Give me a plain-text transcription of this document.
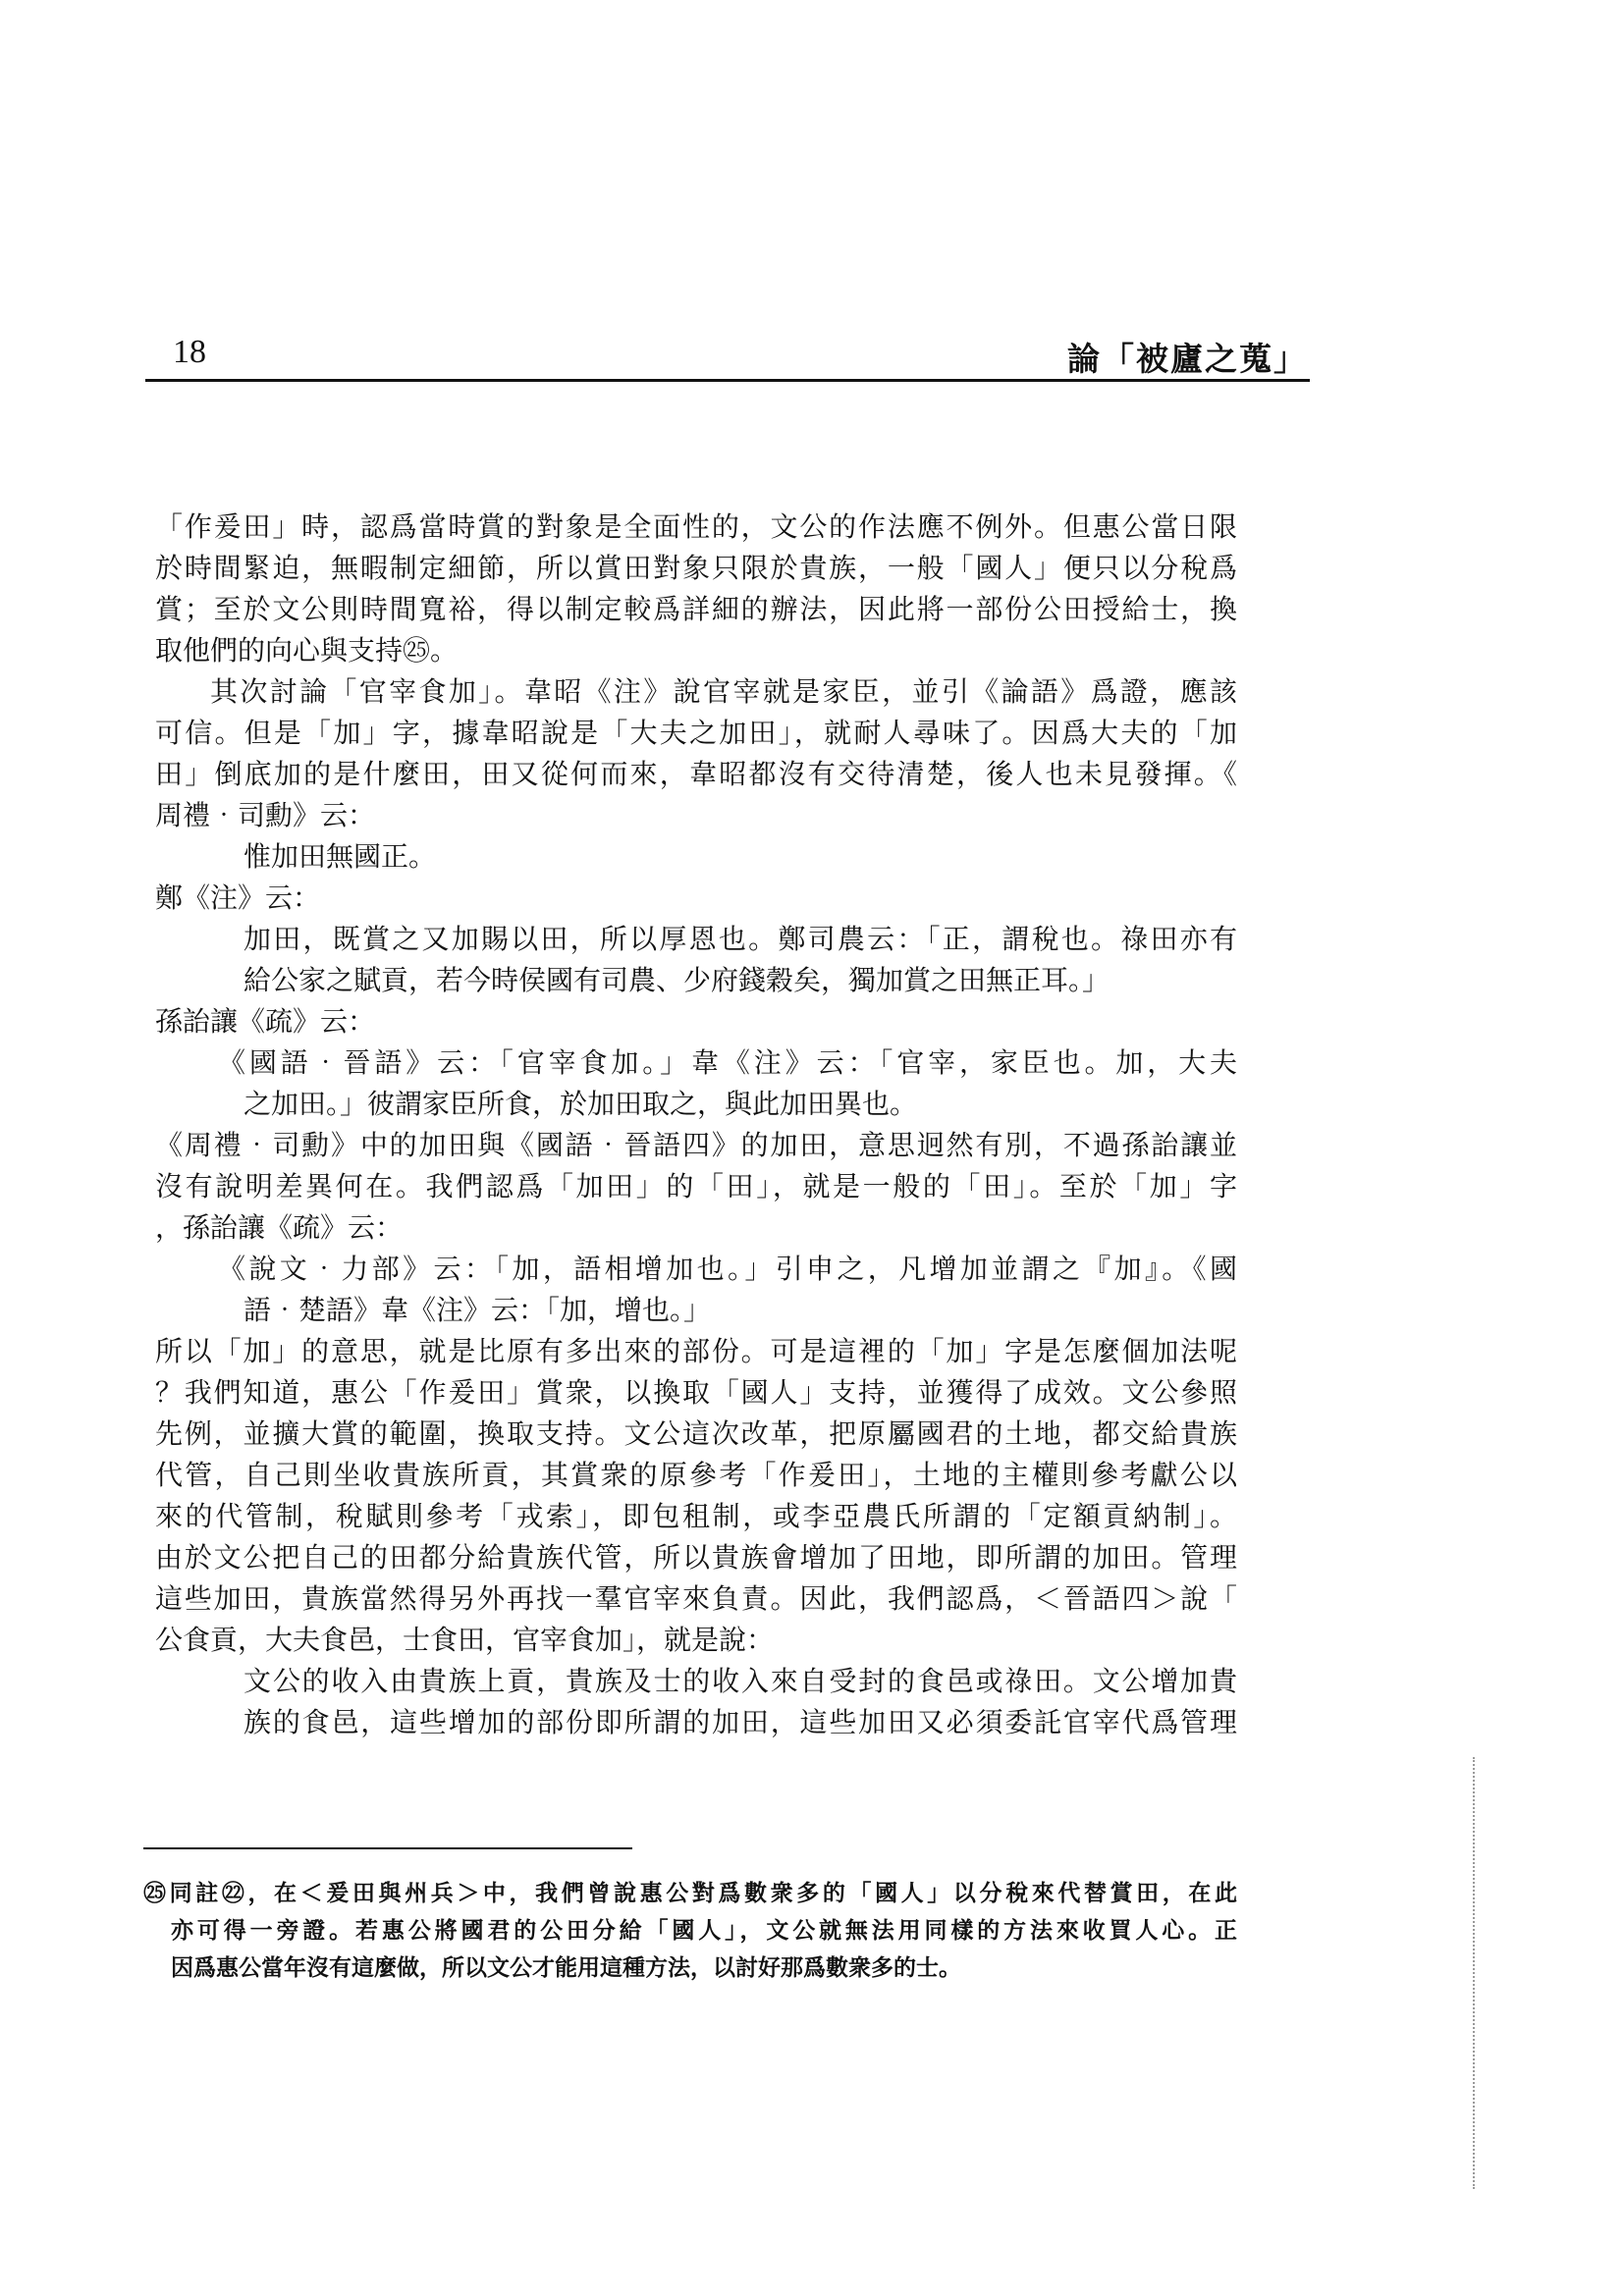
18	論「被廬之蒐」
「作爰田」時，認爲當時賞的對象是全面性的，文公的作法應不例外。但惠公當日限
於時間緊迫，無暇制定細節，所以賞田對象只限於貴族，一般「國人」便只以分稅爲
賞；至於文公則時間寬裕，得以制定較爲詳細的辦法，因此將一部份公田授給士，換
取他們的向心與支持㉕。
其次討論「官宰食加」。韋昭《注》說官宰就是家臣，並引《論語》爲證，應該
可信。但是「加」字，據韋昭說是「大夫之加田」，就耐人尋味了。因爲大夫的「加
田」倒底加的是什麼田，田又從何而來，韋昭都沒有交待清楚，後人也未見發揮。《
周禮‧司勳》云：
惟加田無國正。
鄭《注》云：
加田，既賞之又加賜以田，所以厚恩也。鄭司農云：「正，謂稅也。祿田亦有
給公家之賦貢，若今時侯國有司農、少府錢穀矣，獨加賞之田無正耳。」
孫詒讓《疏》云：
《國語‧晉語》云：「官宰食加。」韋《注》云：「官宰，家臣也。加，大夫
之加田。」彼謂家臣所食，於加田取之，與此加田異也。
《周禮‧司勳》中的加田與《國語‧晉語四》的加田，意思迥然有別，不過孫詒讓並
沒有說明差異何在。我們認爲「加田」的「田」，就是一般的「田」。至於「加」字
，孫詒讓《疏》云：
《說文‧力部》云：「加，語相增加也。」引申之，凡增加並謂之『加』。《國
語‧楚語》韋《注》云：「加，增也。」
所以「加」的意思，就是比原有多出來的部份。可是這裡的「加」字是怎麼個加法呢
？我們知道，惠公「作爰田」賞衆，以換取「國人」支持，並獲得了成效。文公參照
先例，並擴大賞的範圍，換取支持。文公這次改革，把原屬國君的土地，都交給貴族
代管，自己則坐收貴族所貢，其賞衆的原參考「作爰田」，土地的主權則參考獻公以
來的代管制，稅賦則參考「戎索」，即包租制，或李亞農氏所謂的「定額貢納制」。
由於文公把自己的田都分給貴族代管，所以貴族會增加了田地，即所謂的加田。管理
這些加田，貴族當然得另外再找一羣官宰來負責。因此，我們認爲，＜晉語四＞說「
公食貢，大夫食邑，士食田，官宰食加」，就是說：
文公的收入由貴族上貢，貴族及士的收入來自受封的食邑或祿田。文公增加貴
族的食邑，這些增加的部份即所謂的加田，這些加田又必須委託官宰代爲管理
㉕同註㉒，在＜爰田與州兵＞中，我們曾說惠公對爲數衆多的「國人」以分稅來代替賞田，在此
亦可得一旁證。若惠公將國君的公田分給「國人」，文公就無法用同樣的方法來收買人心。正
因爲惠公當年沒有這麼做，所以文公才能用這種方法，以討好那爲數衆多的士。
